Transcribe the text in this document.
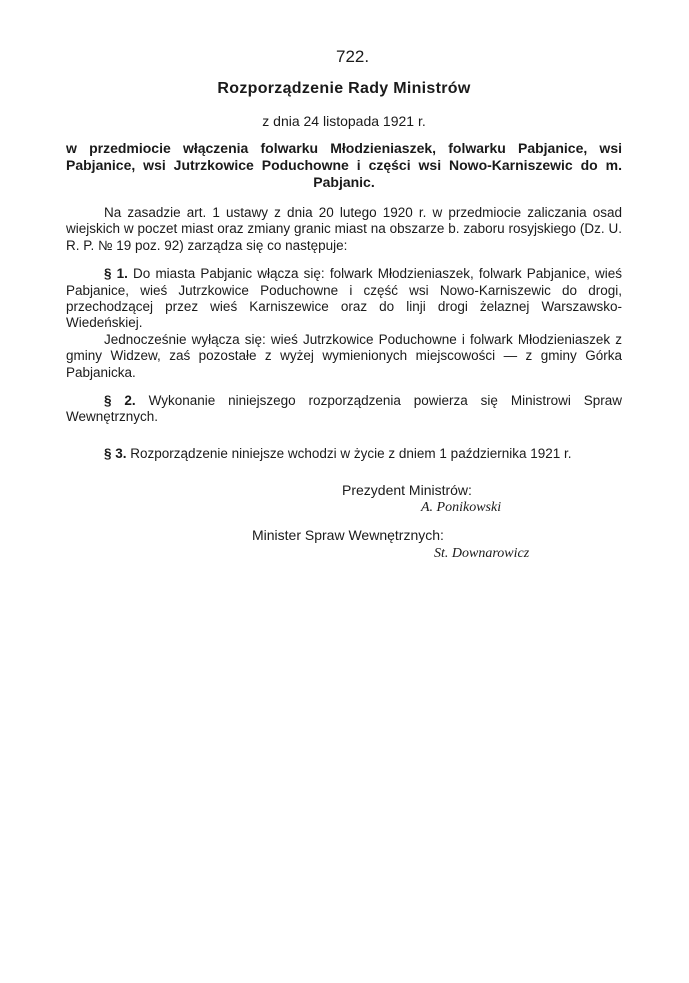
722.
Rozporządzenie Rady Ministrów
z dnia 24 listopada 1921 r.
w przedmiocie włączenia folwarku Młodzieniaszek, folwarku Pabjanice, wsi Pabjanice, wsi Jutrzkowice Poduchowne i części wsi Nowo-Karniszewic do m. Pabjanic.

Na zasadzie art. 1 ustawy z dnia 20 lutego 1920 r. w przedmiocie zaliczania osad wiejskich w poczet miast oraz zmiany granic miast na obszarze b. zaboru rosyjskiego (Dz. U. R. P. № 19 poz. 92) zarządza się co następuje:

§ 1. Do miasta Pabjanic włącza się: folwark Młodzieniaszek, folwark Pabjanice, wieś Pabjanice, wieś Jutrzkowice Poduchowne i część wsi Nowo-Karniszewic do drogi, przechodzącej przez wieś Karniszewice oraz do linji drogi żelaznej Warszawsko-Wiedeńskiej.

Jednocześnie wyłącza się: wieś Jutrzkowice Poduchowne i folwark Młodzieniaszek z gminy Widzew, zaś pozostałe z wyżej wymienionych miejscowości — z gminy Górka Pabjanicka.

§ 2. Wykonanie niniejszego rozporządzenia powierza się Ministrowi Spraw Wewnętrznych.

§ 3. Rozporządzenie niniejsze wchodzi w życie z dniem 1 października 1921 r.

Prezydent Ministrów:
A. Ponikowski
Minister Spraw Wewnętrznych:
St. Downarowicz
